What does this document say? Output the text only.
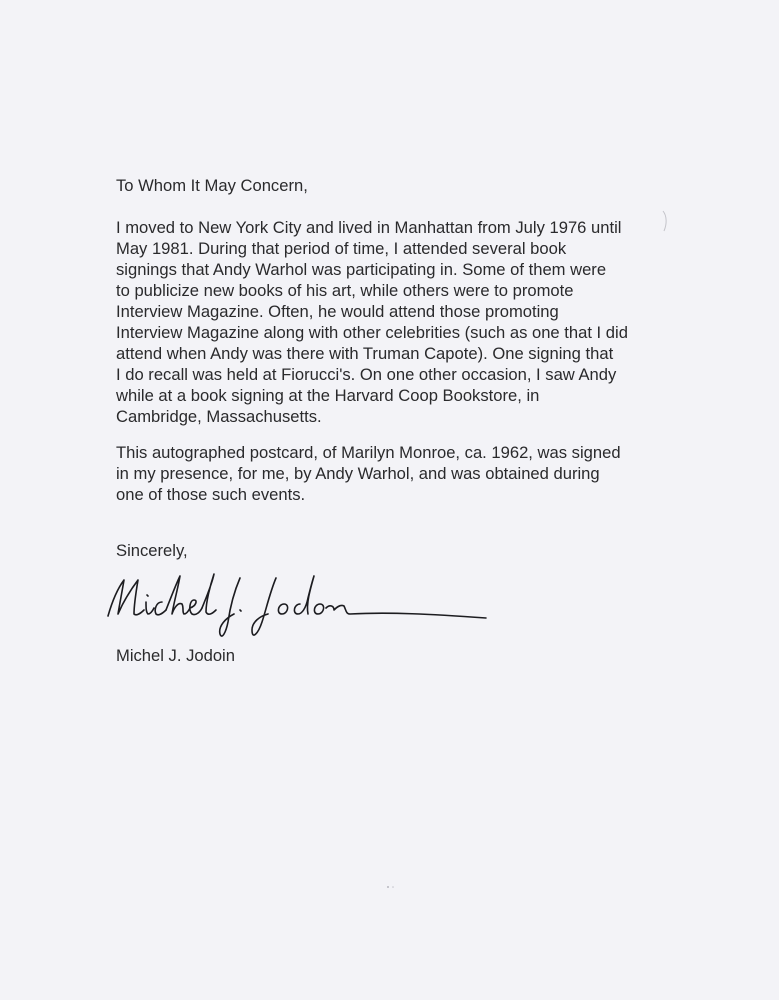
To Whom It May Concern,

I moved to New York City and lived in Manhattan from July 1976 until
May 1981. During that period of time, I attended several book
signings that Andy Warhol was participating in. Some of them were
to publicize new books of his art, while others were to promote
Interview Magazine. Often, he would attend those promoting
Interview Magazine along with other celebrities (such as one that I did
attend when Andy was there with Truman Capote). One signing that
I do recall was held at Fiorucci's. On one other occasion, I saw Andy
while at a book signing at the Harvard Coop Bookstore, in
Cambridge, Massachusetts.
This autographed postcard, of Marilyn Monroe, ca. 1962, was signed
in my presence, for me, by Andy Warhol, and was obtained during
one of those such events.

Sincerely,

Michel J. Jodoin
